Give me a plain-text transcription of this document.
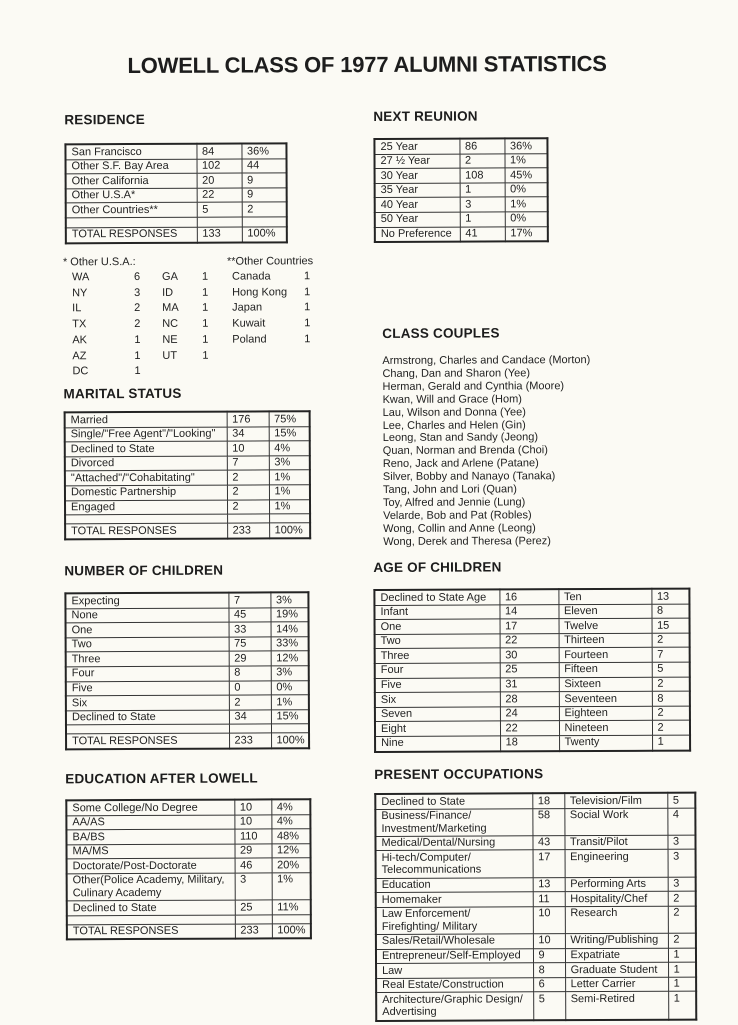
LOWELL CLASS OF 1977 ALUMNI STATISTICS
RESIDENCE
San Francisco	84	36%
Other S.F. Bay Area	102	44
Other California	20	9
Other U.S.A*	22	9
Other Countries**	5	2

TOTAL RESPONSES	133	100%
NEXT REUNION
25 Year	86	36%
27 ½ Year	2	1%
30 Year	108	45%
35 Year	1	0%
40 Year	3	1%
50 Year	1	0%
No Preference	41	17%
* Other U.S.A.:
WA	6	GA	1
NY	3	ID	1
IL	2	MA	1
TX	2	NC	1
AK	1	NE	1
AZ	1	UT	1
DC	1		
**Other Countries
Canada	1
Hong Kong	1
Japan	1
Kuwait	1
Poland	1	CLASS COUPLES
Armstrong, Charles and Candace (Morton)
Chang, Dan and Sharon (Yee)
Herman, Gerald and Cynthia (Moore)
Kwan, Will and Grace (Hom)
Lau, Wilson and Donna (Yee)
Lee, Charles and Helen (Gin)
Leong, Stan and Sandy (Jeong)
Quan, Norman and Brenda (Choi)
Reno, Jack and Arlene (Patane)
Silver, Bobby and Nanayo (Tanaka)
Tang, John and Lori (Quan)
Toy, Alfred and Jennie (Lung)
Velarde, Bob and Pat (Robles)
Wong, Collin and Anne (Leong)
Wong, Derek and Theresa (Perez)
MARITAL STATUS
Married	176	75%
Single/"Free Agent"/"Looking"	34	15%
Declined to State	10	4%
Divorced	7	3%
"Attached"/"Cohabitating"	2	1%
Domestic Partnership	2	1%
Engaged	2	1%

TOTAL RESPONSES	233	100%
NUMBER OF CHILDREN
Expecting	7	3%
None	45	19%
One	33	14%
Two	75	33%
Three	29	12%
Four	8	3%
Five	0	0%
Six	2	1%
Declined to State	34	15%

TOTAL RESPONSES	233	100%
AGE OF CHILDREN
Declined to State Age	16	Ten	13
Infant	14	Eleven	8
One	17	Twelve	15
Two	22	Thirteen	2
Three	30	Fourteen	7
Four	25	Fifteen	5
Five	31	Sixteen	2
Six	28	Seventeen	8
Seven	24	Eighteen	2
Eight	22	Nineteen	2
Nine	18	Twenty	1
EDUCATION AFTER LOWELL
Some College/No Degree	10	4%
AA/AS	10	4%
BA/BS	110	48%
MA/MS	29	12%
Doctorate/Post-Doctorate	46	20%
Other(Police Academy, Military, Culinary Academy	3	1%
Declined to State	25	11%

TOTAL RESPONSES	233	100%
PRESENT OCCUPATIONS
Declined to State	18	Television/Film	5
Business/Finance/ Investment/Marketing	58	Social Work	4
Medical/Dental/Nursing	43	Transit/Pilot	3
Hi-tech/Computer/ Telecommunications	17	Engineering	3
Education	13	Performing Arts	3
Homemaker	11	Hospitality/Chef	2
Law Enforcement/ Firefighting/ Military	10	Research	2
Sales/Retail/Wholesale	10	Writing/Publishing	2
Entrepreneur/Self-Employed	9	Expatriate	1
Law	8	Graduate Student	1
Real Estate/Construction	6	Letter Carrier	1
Architecture/Graphic Design/ Advertising	5	Semi-Retired	1
